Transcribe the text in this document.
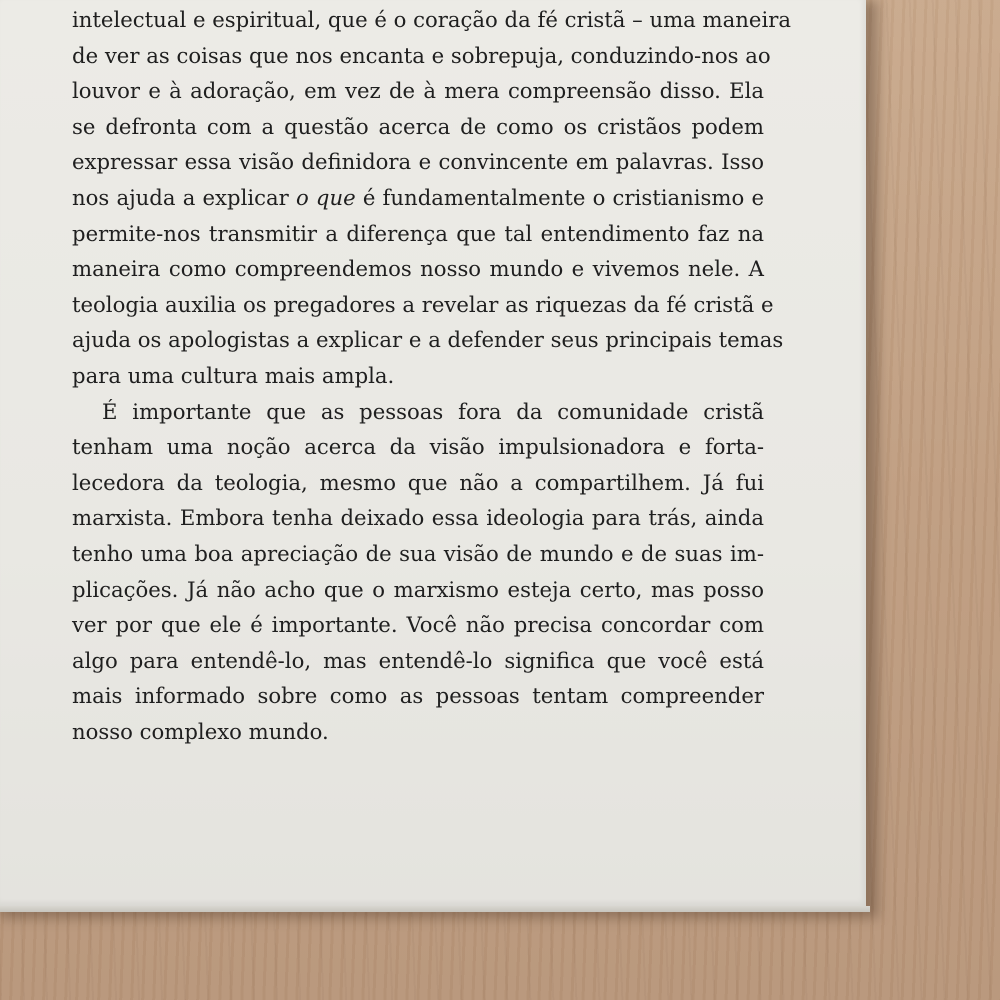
intelectual e espiritual, que é o coração da fé cristã – uma maneira
de ver as coisas que nos encanta e sobrepuja, conduzindo-nos ao
louvor e à adoração, em vez de à mera compreensão disso. Ela
se defronta com a questão acerca de como os cristãos podem
expressar essa visão definidora e convincente em palavras. Isso
nos ajuda a explicar o que é fundamentalmente o cristianismo e
permite-nos transmitir a diferença que tal entendimento faz na
maneira como compreendemos nosso mundo e vivemos nele. A
teologia auxilia os pregadores a revelar as riquezas da fé cristã e
ajuda os apologistas a explicar e a defender seus principais temas
para uma cultura mais ampla.
É importante que as pessoas fora da comunidade cristã
tenham uma noção acerca da visão impulsionadora e forta-
lecedora da teologia, mesmo que não a compartilhem. Já fui
marxista. Embora tenha deixado essa ideologia para trás, ainda
tenho uma boa apreciação de sua visão de mundo e de suas im-
plicações. Já não acho que o marxismo esteja certo, mas posso
ver por que ele é importante. Você não precisa concordar com
algo para entendê-lo, mas entendê-lo significa que você está
mais informado sobre como as pessoas tentam compreender
nosso complexo mundo.
